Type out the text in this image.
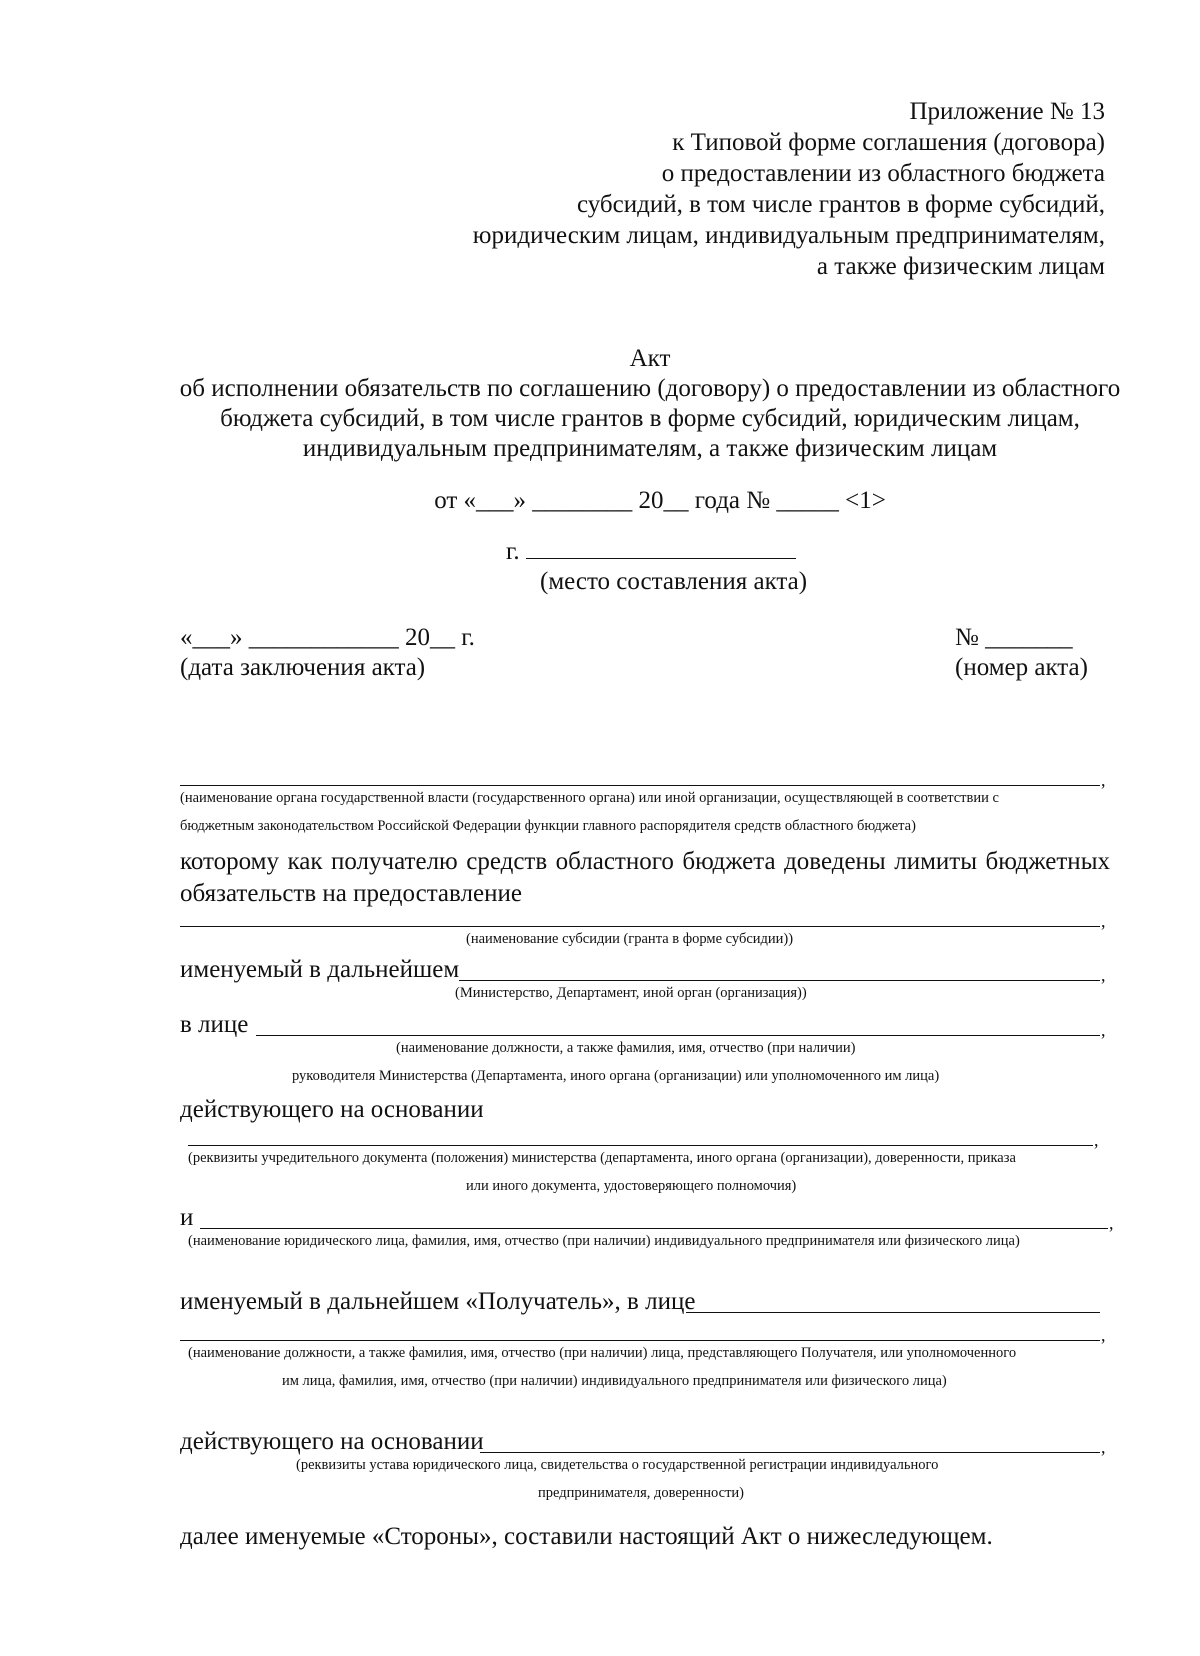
Приложение № 13
к Типовой форме соглашения (договора)
о предоставлении из областного бюджета
субсидий, в том числе грантов в форме субсидий,
юридическим лицам, индивидуальным предпринимателям,
а также физическим лицам
Акт
об исполнении обязательств по соглашению (договору) о предоставлении из областного
бюджета субсидий, в том числе грантов в форме субсидий, юридическим лицам,
индивидуальным предпринимателям, а также физическим лицам
от «___» ________ 20__ года № _____ <1>
г.
(место составления акта)
«___» ____________ 20__ г.
(дата заключения акта)
№ _______
(номер акта)
,
(наименование органа государственной власти (государственного органа) или иной организации, осуществляющей в соответствии с
бюджетным законодательством Российской Федерации функции главного распорядителя средств областного бюджета)
которому как получателю средств областного бюджета доведены лимиты бюджетных
обязательств на предоставление
,
(наименование субсидии (гранта в форме субсидии))
именуемый в дальнейшем	,
(Министерство, Департамент, иной орган (организация))
в лице	,
(наименование должности, а также фамилия, имя, отчество (при наличии)
руководителя Министерства (Департамента, иного органа (организации) или уполномоченного им лица)
действующего на основании
,
(реквизиты учредительного документа (положения) министерства (департамента, иного органа (организации), доверенности, приказа
или иного документа, удостоверяющего полномочия)
и	,
(наименование юридического лица, фамилия, имя, отчество (при наличии) индивидуального предпринимателя или физического лица)
именуемый в дальнейшем «Получатель», в лице
,
(наименование должности, а также фамилия, имя, отчество (при наличии) лица, представляющего Получателя, или уполномоченного
им лица, фамилия, имя, отчество (при наличии) индивидуального предпринимателя или физического лица)
действующего на основании	,
(реквизиты устава юридического лица, свидетельства о государственной регистрации индивидуального
предпринимателя, доверенности)
далее именуемые «Стороны», составили настоящий Акт о нижеследующем.
